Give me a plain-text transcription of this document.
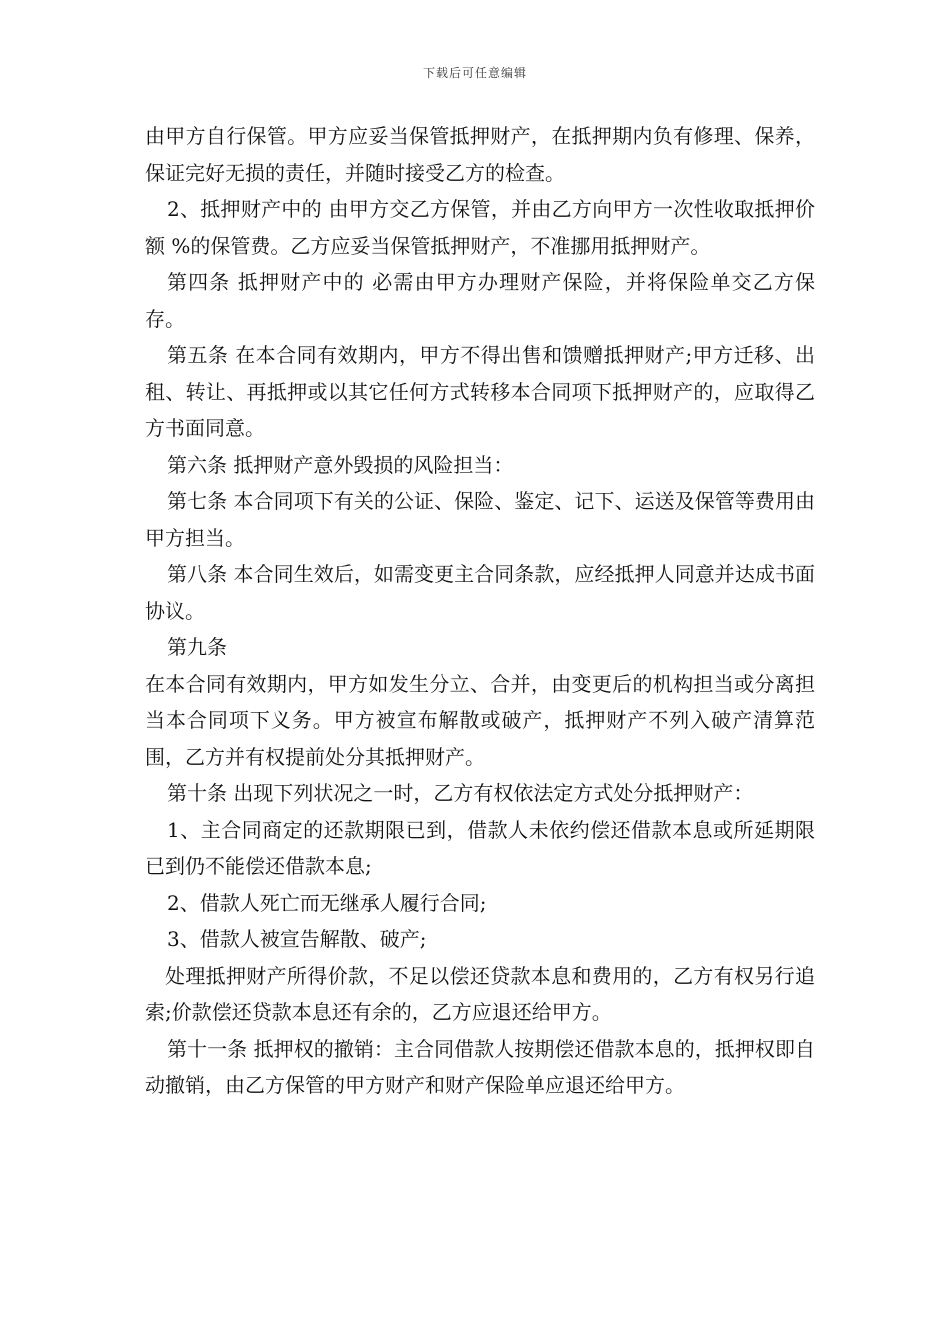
下载后可任意编辑

由甲方自行保管。甲方应妥当保管抵押财产，在抵押期内负有修理、保养，保证完好无损的责任，并随时接受乙方的检查。

2、抵押财产中的 由甲方交乙方保管，并由乙方向甲方一次性收取抵押价额 %的保管费。乙方应妥当保管抵押财产，不准挪用抵押财产。

第四条 抵押财产中的 必需由甲方办理财产保险，并将保险单交乙方保存。

第五条 在本合同有效期内，甲方不得出售和馈赠抵押财产;甲方迁移、出租、转让、再抵押或以其它任何方式转移本合同项下抵押财产的，应取得乙方书面同意。

第六条 抵押财产意外毁损的风险担当：

第七条 本合同项下有关的公证、保险、鉴定、记下、运送及保管等费用由甲方担当。

第八条 本合同生效后，如需变更主合同条款，应经抵押人同意并达成书面协议。

第九条

在本合同有效期内，甲方如发生分立、合并，由变更后的机构担当或分离担当本合同项下义务。甲方被宣布解散或破产，抵押财产不列入破产清算范围，乙方并有权提前处分其抵押财产。

第十条 出现下列状况之一时，乙方有权依法定方式处分抵押财产：

1、主合同商定的还款期限已到，借款人未依约偿还借款本息或所延期限已到仍不能偿还借款本息;

2、借款人死亡而无继承人履行合同;

3、借款人被宣告解散、破产;

处理抵押财产所得价款，不足以偿还贷款本息和费用的，乙方有权另行追索;价款偿还贷款本息还有余的，乙方应退还给甲方。

第十一条 抵押权的撤销：主合同借款人按期偿还借款本息的，抵押权即自动撤销，由乙方保管的甲方财产和财产保险单应退还给甲方。
